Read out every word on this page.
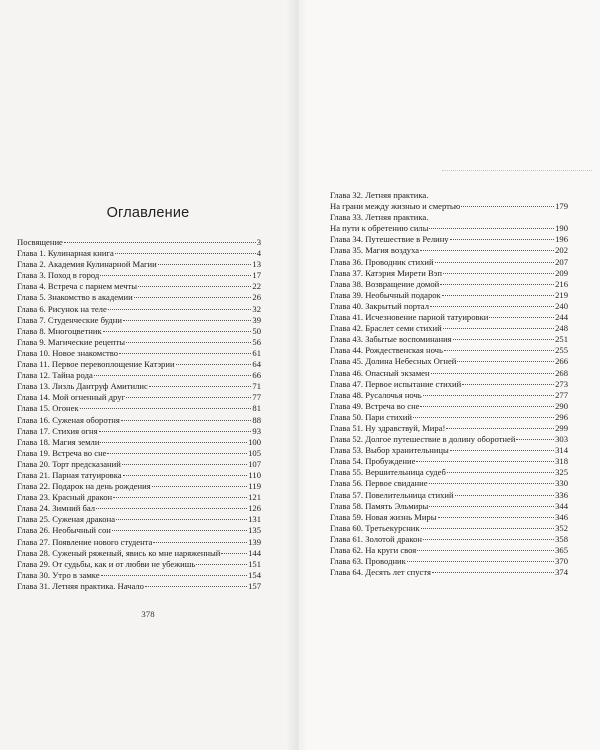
Оглавление
Посвящение	3
Глава 1. Кулинарная книга	4
Глава 2. Академия Кулинарной Магии	13
Глава 3. Поход в город	17
Глава 4. Встреча с парнем мечты	22
Глава 5. Знакомство в академии	26
Глава 6. Рисунок на теле	32
Глава 7. Студенческие будни	39
Глава 8. Многоцветник	50
Глава 9. Магические рецепты	56
Глава 10. Новое знакомство	61
Глава 11. Первое перевоплощение Катэрии	64
Глава 12. Тайна рода	66
Глава 13. Лизль Дантруф Амитилис	71
Глава 14. Мой огненный друг	77
Глава 15. Огонек	81
Глава 16. Суженая оборотня	88
Глава 17. Стихия огня	93
Глава 18. Магия земли	100
Глава 19. Встреча во сне	105
Глава 20. Торт предсказаний	107
Глава 21. Парная татуировка	110
Глава 22. Подарок на день рождения	119
Глава 23. Красный дракон	121
Глава 24. Зимний бал	126
Глава 25. Суженая дракона	131
Глава 26. Необычный сон	135
Глава 27. Появление нового студента	139
Глава 28. Суженый ряженый, явись ко мне наряженный	144
Глава 29. От судьбы, как и от любви не убежишь	151
Глава 30. Утро в замке	154
Глава 31. Летняя практика. Начало	157

378

Глава 32. Летняя практика.
На грани между жизнью и смертью	179
Глава 33. Летняя практика.
На пути к обретению силы	190
Глава 34. Путешествие в Релину	196
Глава 35. Магия воздуха	202
Глава 36. Проводник стихий	207
Глава 37. Катэрия Мирети Вэп	209
Глава 38. Возвращение домой	216
Глава 39. Необычный подарок	219
Глава 40. Закрытый портал	240
Глава 41. Исчезновение парной татуировки	244
Глава 42. Браслет семи стихий	248
Глава 43. Забытые воспоминания	251
Глава 44. Рождественская ночь	255
Глава 45. Долина Небесных Огней	266
Глава 46. Опасный экзамен	268
Глава 47. Первое испытание стихий	273
Глава 48. Русалочья ночь	277
Глава 49. Встреча во сне	290
Глава 50. Пари стихий	296
Глава 51. Ну здравствуй, Мира!	299
Глава 52. Долгое путешествие в долину оборотней	303
Глава 53. Выбор хранительницы	314
Глава 54. Пробуждение	318
Глава 55. Вершительница судеб	325
Глава 56. Первое свидание	330
Глава 57. Повелительница стихий	336
Глава 58. Память Эльмиры	344
Глава 59. Новая жизнь Миры	346
Глава 60. Третьекурсник	352
Глава 61. Золотой дракон	358
Глава 62. На круги своя	365
Глава 63. Проводник	370
Глава 64. Десять лет спустя	374
